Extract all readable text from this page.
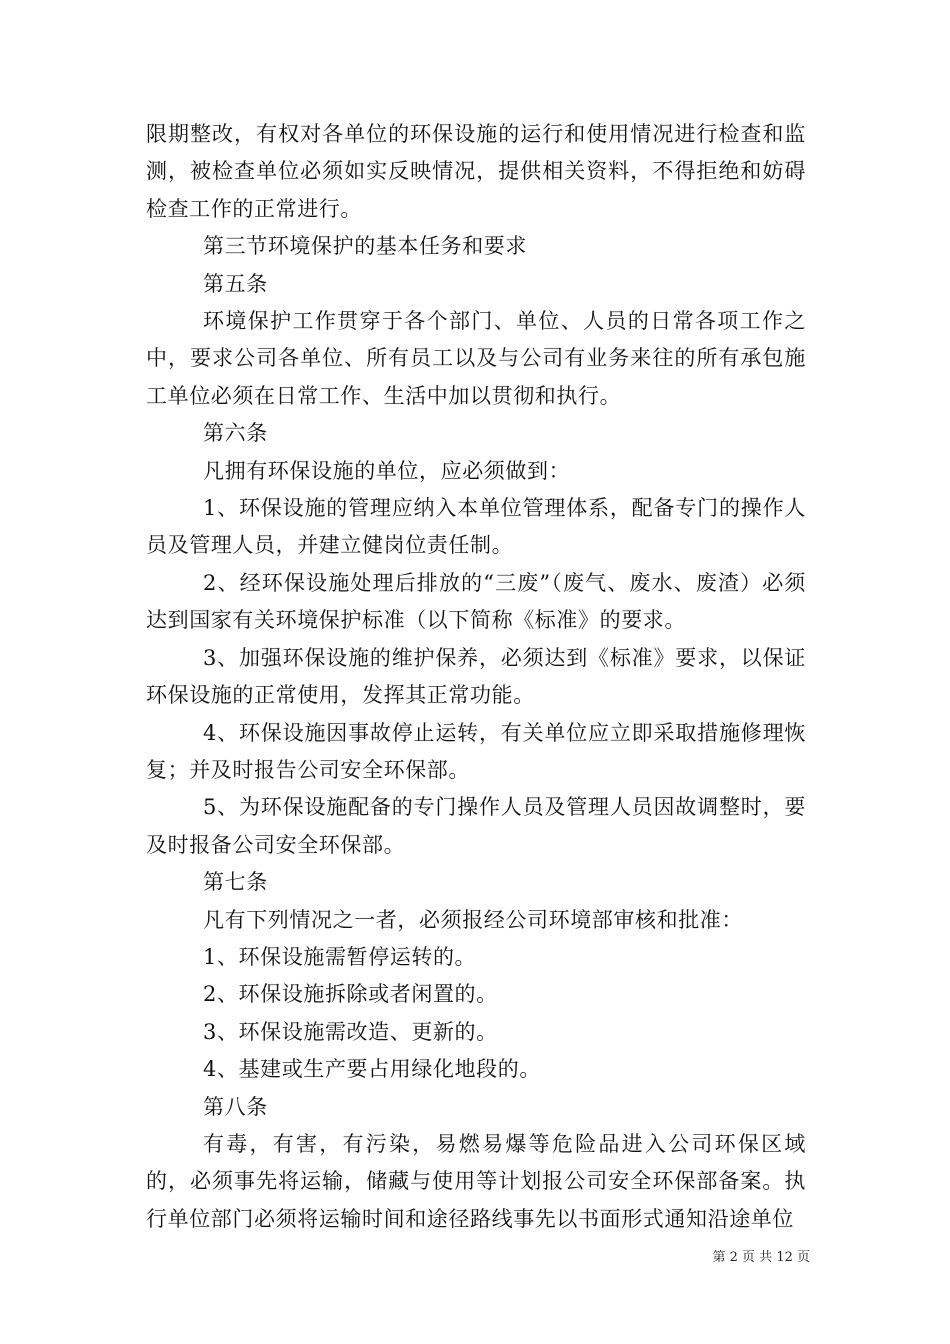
限期整改，有权对各单位的环保设施的运行和使用情况进行检查和监测，被检查单位必须如实反映情况，提供相关资料，不得拒绝和妨碍检查工作的正常进行。

第三节环境保护的基本任务和要求

第五条

环境保护工作贯穿于各个部门、单位、人员的日常各项工作之中，要求公司各单位、所有员工以及与公司有业务来往的所有承包施工单位必须在日常工作、生活中加以贯彻和执行。

第六条

凡拥有环保设施的单位，应必须做到：

1、环保设施的管理应纳入本单位管理体系，配备专门的操作人员及管理人员，并建立健岗位责任制。

2、经环保设施处理后排放的“三废”（废气、废水、废渣）必须达到国家有关环境保护标准（以下简称《标准》的要求。

3、加强环保设施的维护保养，必须达到《标准》要求，以保证环保设施的正常使用，发挥其正常功能。

4、环保设施因事故停止运转，有关单位应立即采取措施修理恢复；并及时报告公司安全环保部。

5、为环保设施配备的专门操作人员及管理人员因故调整时，要及时报备公司安全环保部。

第七条

凡有下列情况之一者，必须报经公司环境部审核和批准：

1、环保设施需暂停运转的。

2、环保设施拆除或者闲置的。

3、环保设施需改造、更新的。

4、基建或生产要占用绿化地段的。

第八条

有毒，有害，有污染，易燃易爆等危险品进入公司环保区域的，必须事先将运输，储藏与使用等计划报公司安全环保部备案。执行单位部门必须将运输时间和途径路线事先以书面形式通知沿途单位

第 2 页 共 12 页
